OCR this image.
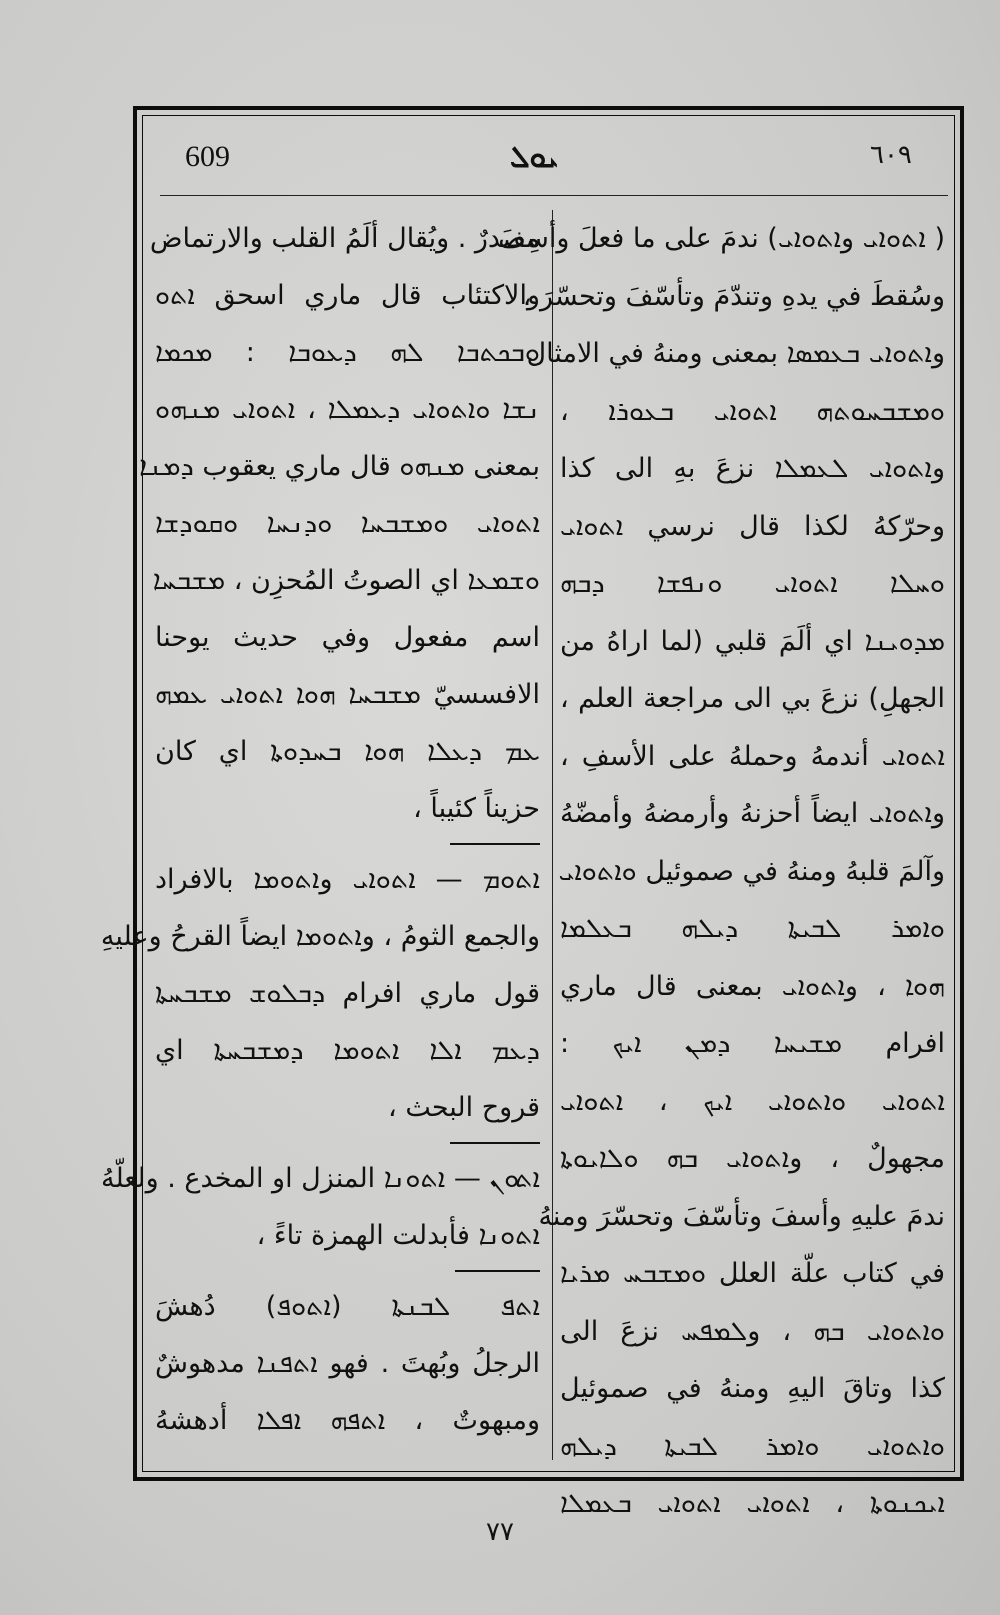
609	ܝܘܠ	٦٠٩
( ܐܬܘܐܝ وܐܬܘܐܝ) ندمَ على ما فعلَ وأسِفَ
وسُقطَ في يدهِ وتندّمَ وتأسّفَ وتحسّرَ ،
وܐܬܘܐܝ ܒܥܡܣܐ بمعنى ومنهُ في الامثال
ܘܡܫܒܚܘܬܗ ܐܬܘܐܝ ܒܥܘܪܐ ،
وܐܬܘܐܝ ܠܥܡܠܐ نزعَ بهِ الى كذا
وحرّكهُ لكذا قال نرسي ܐܬܘܐܝ
ܘܚܠܐ ܐܬܘܐܝ ܘܢܦܫܐ ܕܒܗ
ܡܕܘܝܢܐ اي ألَمَ قلبي (لما اراهُ من
الجهلِ) نزعَ بي الى مراجعة العلم ،
ܐܬܘܐܝ أندمهُ وحملهُ على الأسفِ ،
وܐܬܘܐܝ ايضاً أحزنهُ وأرمضهُ وأمضّهُ
وآلمَ قلبهُ ومنهُ في صموئيل ܘܐܬܘܐܝ
ܘܐܡܪ ܠܒܝܬܐ ܕܝܠܗ ܒܥܠܡܐ
ܗܘܐ ، وܐܬܘܐܝ بمعنى قال ماري
افرام ܡܫܝܚܐ ܕܡܢ ܐܝܟ :
ܐܬܘܐܝ ܘܐܬܘܐܝ ܐܝܟ ، ܐܬܘܐܝ
مجهولٌ ، وܐܬܘܐܝ ܒܗ ܘܠܐܝܘܬܐ
ندمَ عليهِ وأسفَ وتأسّفَ وتحسّرَ ومنهُ
في كتاب علّة العلل ܘܡܫܒܚ ܡܪܝܐ
ܘܐܬܘܐܝ ܒܗ ، وܠܡܦܚ نزعَ الى
كذا وتاقَ اليهِ ومنهُ في صموئيل
ܘܐܬܘܐܝ ܘܐܡܪ ܠܒܝܬܐ ܕܝܠܗ
ܐܝܟܢܘܬܐ ، ܐܬܘܐܝ ܐܬܘܐܝ ܒܥܡܠܐ
مصدرٌ . ويُقال ألَمُ القلب والارتماض
والاكتئاب قال ماري اسحق ܐܬܘ
ܘܒܟܬܒܐ ܠܗ ܕܥܘܒܐ : ܡܟܡܐ
ܢܫܐ ܘܐܬܘܐܝ ܕܥܡܠܐ ، ܐܬܘܐܝ ܡܢܗܘ
بمعنى ܡܢܗܘ قال ماري يعقوب ܕܡܢܐ
ܐܬܘܐܝ ܘܡܫܒܚܐ ܘܕܢܚܐ ܘܩܘܕܫܐ
ܘܫܡܥܐ اي الصوتُ المُحزِن ، ܡܫܒܚܐ
اسم مفعول وفي حديث يوحنا
الافسسيّ ܡܫܒܚܐ ܗܘܐ ܐܬܘܐܝ ܥܡܗ
ܥܡ ܕܥܠܐ ܗܘܐ ܒܚܕܘܬܐ اي كان
حزيناً كئيباً ،
ܐܬܘܡ — ܐܬܘܐܝ وܐܬܘܡܐ بالافراد
والجمع الثومُ ، وܐܬܘܡܐ ايضاً القرحُ وعليهِ
قول ماري افرام ܕܒܠܘܫ ܡܫܒܚܬܐ
ܕܥܡ ܐܠܐ ܐܬܘܡܐ ܕܡܫܒܚܬܐ اي
قروح البحث ،
ܐܬܘܢ — ܐܬܘܢܐ المنزل او المخدع . ولعلّهُ
ܐܬܘܢܐ فأبدلت الهمزة تاءً ،
ܐܬܦ ܠܒܢܬܐ (ܐܬܘܦ) دُهشَ
الرجلُ وبُهتَ . فهو ܐܬܦܢܐ مدهوشٌ
ومبهوتٌ ، ܐܬܦܗ ܐܦܠܐ أدهشهُ
٧٧
